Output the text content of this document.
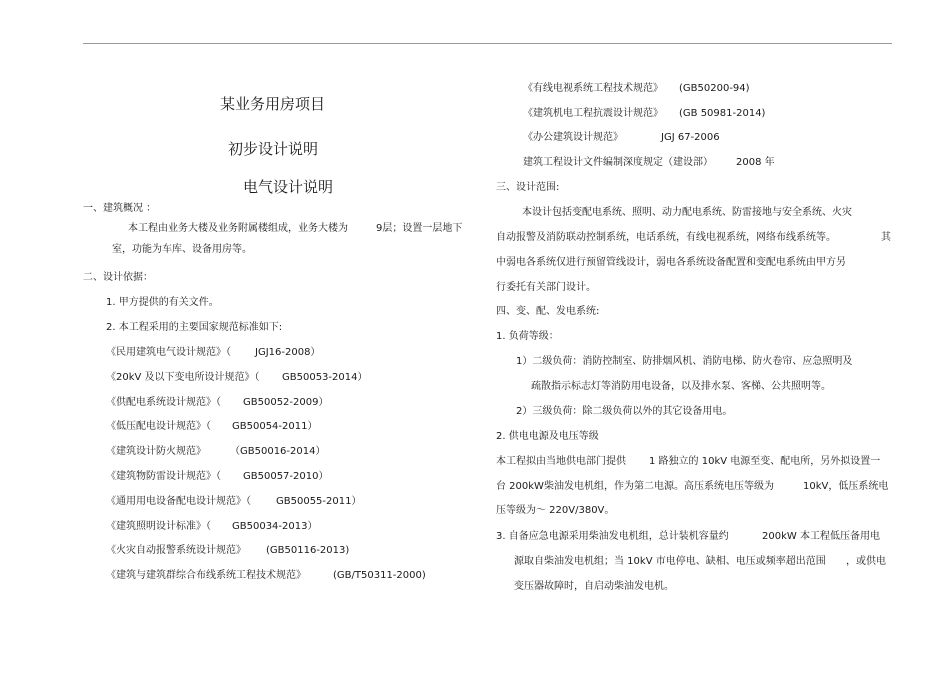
某业务用房项目
初步设计说明
电气设计说明
一、建筑概况 ：
本工程由业务大楼及业务附属楼组成，业务大楼为	9层；设置一层地下
室，功能为车库、设备用房等。
二、设计依据：
1. 甲方提供的有关文件。
2. 本工程采用的主要国家规范标准如下:
《民用建筑电气设计规范》（ JGJ16-2008）
《20kV 及以下变电所设计规范》（ GB50053-2014）
《供配电系统设计规范》（ GB50052-2009）
《低压配电设计规范》（ GB50054-2011）
《建筑设计防火规范》 （GB50016-2014）
《建筑物防雷设计规范》（ GB50057-2010）
《通用用电设备配电设计规范》（	GB50055-2011）
《建筑照明设计标准》（ GB50034-2013）
《火灾自动报警系统设计规范》 (GB50116-2013)
《建筑与建筑群综合布线系统工程技术规范》	(GB/T50311-2000)
《有线电视系统工程技术规范》 (GB50200-94)
《建筑机电工程抗震设计规范》 (GB 50981-2014)
《办公建筑设计规范》	JGJ 67-2006
建筑工程设计文件编制深度规定（建设部） 2008 年
三、设计范围:
本设计包括变配电系统、照明、动力配电系统、防雷接地与安全系统、火灾
自动报警及消防联动控制系统，电话系统，有线电视系统，网络布线系统等。	其
中弱电各系统仅进行预留管线设计，弱电各系统设备配置和变配电系统由甲方另
行委托有关部门设计。
四、变、配、发电系统:
1. 负荷等级：
1）二级负荷：消防控制室、防排烟风机、消防电梯、防火卷帘、应急照明及
疏散指示标志灯等消防用电设备，以及排水泵、客梯、公共照明等。
2）三级负荷：除二级负荷以外的其它设备用电。
2. 供电电源及电压等级
本工程拟由当地供电部门提供 1 路独立的 10kV 电源至变、配电所，另外拟设置一
台 200kW柴油发电机组，作为第二电源。高压系统电压等级为	10kV，低压系统电
压等级为～ 220V/380V。
3. 自备应急电源采用柴油发电机组，总计装机容量约	200kW 本工程低压备用电
源取自柴油发电机组；当 10kV 市电停电、缺相、电压或频率超出范围 ，或供电
变压器故障时，自启动柴油发电机。
